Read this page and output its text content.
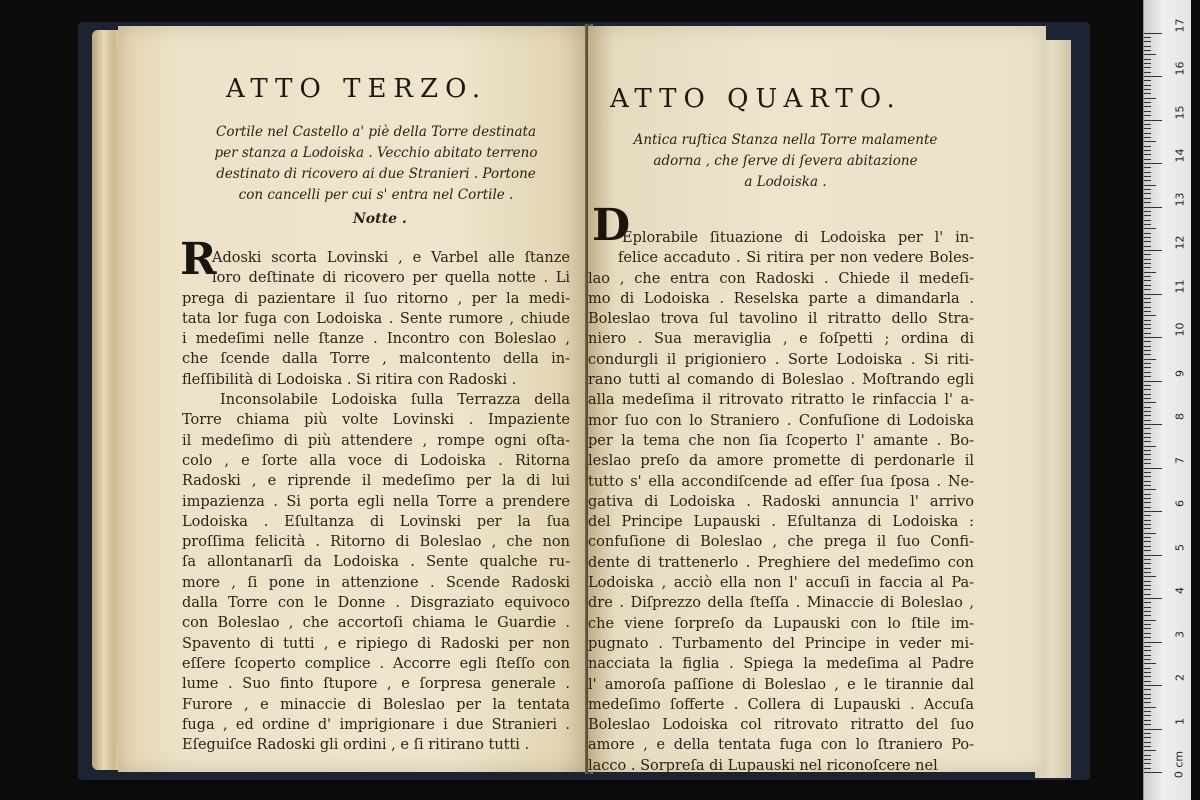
ATTO TERZO.
Cortile nel Castello a' piè della Torre destinata
per stanza a Lodoiska . Vecchio abitato terreno
destinato di ricovero ai due Stranieri . Portone
con cancelli per cui s' entra nel Cortile .
Notte .
R
Adoski scorta Lovinski , e Varbel alle ſtanze
loro deſtinate di ricovero per quella notte . Li
prega di pazientare il ſuo ritorno , per la medi-
tata lor fuga con Lodoiska . Sente rumore , chiude
i medeſimi nelle ſtanze . Incontro con Boleslao ,
che ſcende dalla Torre , malcontento della in-
fleſſibilità di Lodoiska . Si ritira con Radoski .
Inconsolabile Lodoiska ſulla Terrazza della
Torre chiama più volte Lovinski . Impaziente
il medeſimo di più attendere , rompe ogni oſta-
colo , e ſorte alla voce di Lodoiska . Ritorna
Radoski , e riprende il medeſimo per la di lui
impazienza . Si porta egli nella Torre a prendere
Lodoiska . Eſultanza di Lovinski per la ſua
proſſima felicità . Ritorno di Boleslao , che non
ſa allontanarſi da Lodoiska . Sente qualche ru-
more , ſi pone in attenzione . Scende Radoski
dalla Torre con le Donne . Disgraziato equivoco
con Boleslao , che accortoſi chiama le Guardie .
Spavento di tutti , e ripiego di Radoski per non
eſſere ſcoperto complice . Accorre egli ſteſſo con
lume . Suo finto ſtupore , e ſorpresa generale .
Furore , e minaccie di Boleslao per la tentata
fuga , ed ordine d' imprigionare i due Stranieri .
Eſeguiſce Radoski gli ordini , e ſi ritirano tutti .
ATTO QUARTO.
Antica ruſtica Stanza nella Torre malamente
adorna , che ſerve di ſevera abitazione
a Lodoiska .
D
Eplorabile ſituazione di Lodoiska per l' in-
felice accaduto . Si ritira per non vedere Boles-
lao , che entra con Radoski . Chiede il medeſi-
mo di Lodoiska . Reselska parte a dimandarla .
Boleslao trova ſul tavolino il ritratto dello Stra-
niero . Sua meraviglia , e ſoſpetti ; ordina di
condurgli il prigioniero . Sorte Lodoiska . Si riti-
rano tutti al comando di Boleslao . Moſtrando egli
alla medeſima il ritrovato ritratto le rinfaccia l' a-
mor ſuo con lo Straniero . Confuſione di Lodoiska
per la tema che non ſia ſcoperto l' amante . Bo-
leslao preſo da amore promette di perdonarle il
tutto s' ella accondiſcende ad eſſer ſua ſposa . Ne-
gativa di Lodoiska . Radoski annuncia l' arrivo
del Principe Lupauski . Eſultanza di Lodoiska :
confuſione di Boleslao , che prega il ſuo Confi-
dente di trattenerlo . Preghiere del medeſimo con
Lodoiska , acciò ella non l' accuſi in faccia al Pa-
dre . Diſprezzo della ſteſſa . Minaccie di Boleslao ,
che viene ſorpreſo da Lupauski con lo ſtile im-
pugnato . Turbamento del Principe in veder mi-
nacciata la figlia . Spiega la medeſima al Padre
l' amoroſa paſſione di Boleslao , e le tirannie dal
medeſimo ſofferte . Collera di Lupauski . Accuſa
Boleslao Lodoiska col ritrovato ritratto del ſuo
amore , e della tentata fuga con lo ſtraniero Po-
lacco . Sorpreſa di Lupauski nel riconoſcere nel
1
2
3
4
5
6
7
8
9
10
11
12
13
14
15
16
17
0 cm
